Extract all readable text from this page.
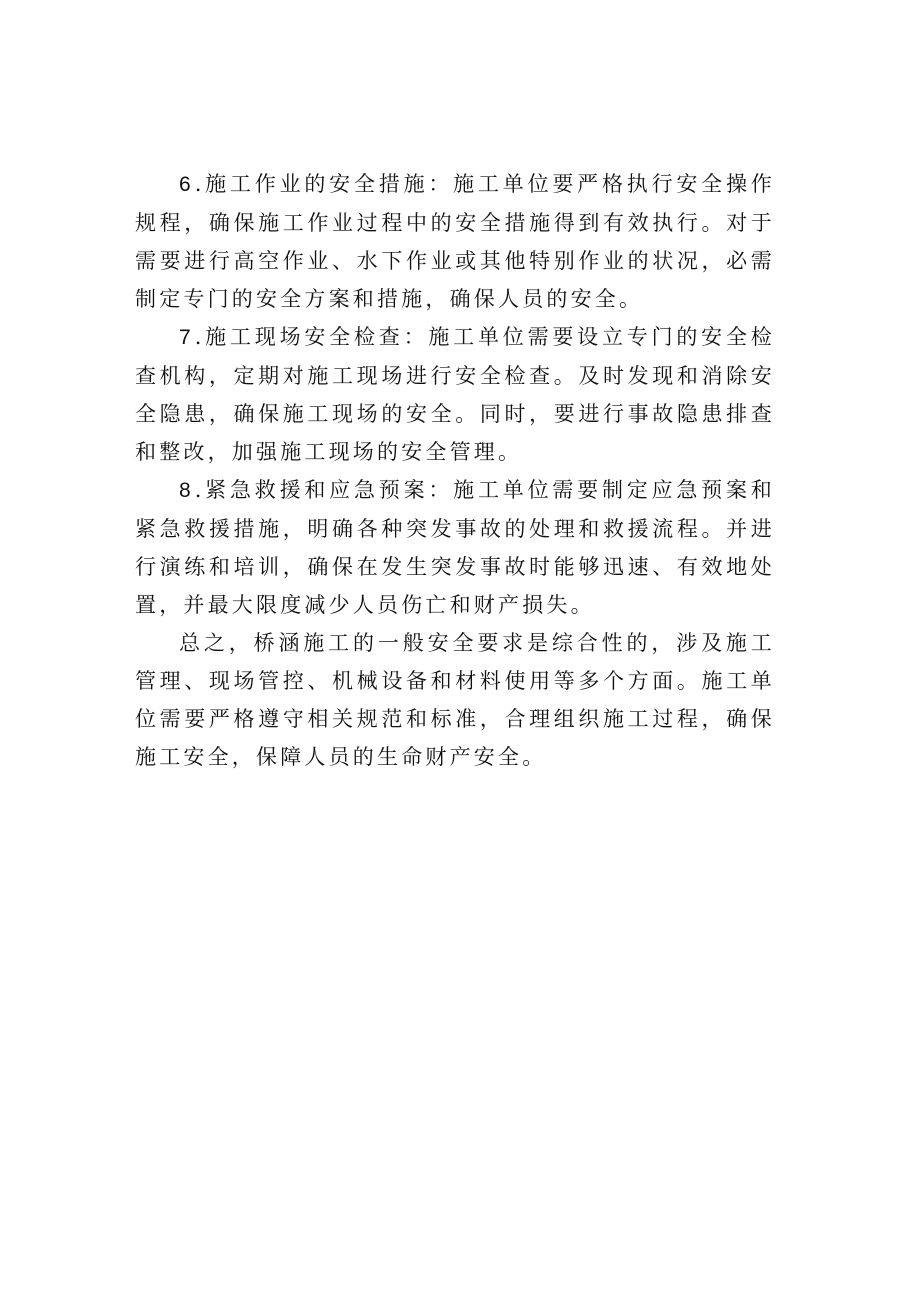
6 .施工作业的安全措施：施工单位要严格执行安全操作规程，确保施工作业过程中的安全措施得到有效执行。对于需要进行高空作业、水下作业或其他特别作业的状况，必需制定专门的安全方案和措施，确保人员的安全。

7 .施工现场安全检查：施工单位需要设立专门的安全检查机构，定期对施工现场进行安全检查。及时发现和消除安全隐患，确保施工现场的安全。同时，要进行事故隐患排查和整改，加强施工现场的安全管理。

8 .紧急救援和应急预案：施工单位需要制定应急预案和紧急救援措施，明确各种突发事故的处理和救援流程。并进行演练和培训，确保在发生突发事故时能够迅速、有效地处置，并最大限度减少人员伤亡和财产损失。

总之，桥涵施工的一般安全要求是综合性的，涉及施工管理、现场管控、机械设备和材料使用等多个方面。施工单位需要严格遵守相关规范和标准，合理组织施工过程，确保施工安全，保障人员的生命财产安全。
